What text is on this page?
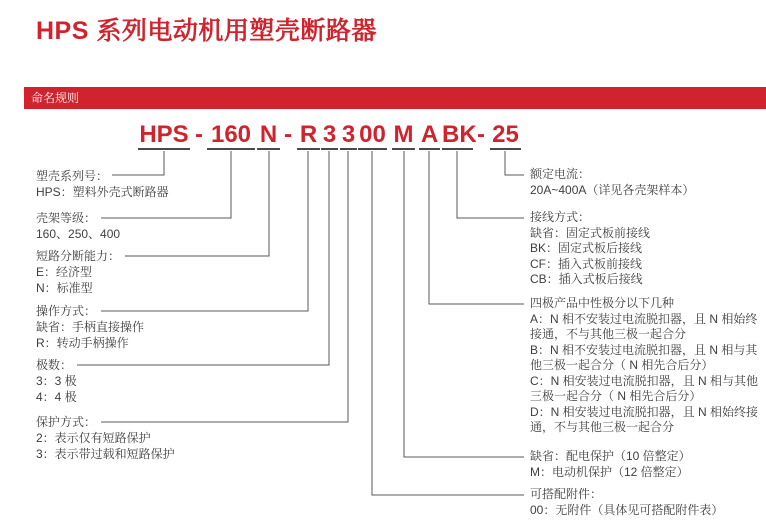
HPS 系列电动机用塑壳断路器
命名规则
HPS - 160 N - R 3 3 00 M A BK - 25
塑壳系列号：
HPS：塑料外壳式断路器
壳架等级：
160、250、400
短路分断能力：
E：经济型
N：标准型
操作方式：
缺省：手柄直接操作
R：转动手柄操作
极数：
3：3 极
4：4 极
保护方式：
2：表示仅有短路保护
3：表示带过载和短路保护
额定电流：
20A~400A（详见各壳架样本）
接线方式：
缺省：固定式板前接线
BK：固定式板后接线
CF：插入式板前接线
CB：插入式板后接线
四极产品中性极分以下几种
A：N 相不安装过电流脱扣器，且 N 相始终
接通，不与其他三极一起合分
B：N 相不安装过电流脱扣器，且 N 相与其
他三极一起合分（ N 相先合后分）
C：N 相安装过电流脱扣器，且 N 相与其他
三极一起合分（ N 相先合后分）
D：N 相安装过电流脱扣器，且 N 相始终接
通，不与其他三极一起合分
缺省：配电保护（10 倍整定）
M：电动机保护（12 倍整定）
可搭配附件：
00：无附件（具体见可搭配附件表）
